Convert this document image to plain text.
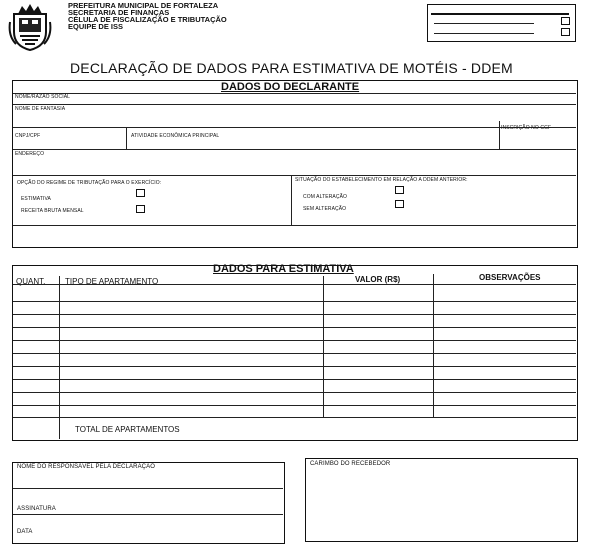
PREFEITURA MUNICIPAL DE FORTALEZA
SECRETARIA DE FINANÇAS
CÉLULA DE FISCALIZAÇÃO E TRIBUTAÇÃO
EQUIPE DE ISS
DECLARAÇÃO DE DADOS PARA ESTIMATIVA DE MOTÉIS - DDEM
DADOS DO DECLARANTE
NOME/RAZÃO SOCIAL
NOME DE FANTASIA
INSCRIÇÃO NO CGF
CNPJ/CPF	ATIVIDADE ECONÔMICA PRINCIPAL
ENDEREÇO
OPÇÃO DO REGIME DE TRIBUTAÇÃO PARA O EXERCÍCIO:
ESTIMATIVA
RECEITA BRUTA MENSAL
SITUAÇÃO DO ESTABELECIMENTO EM RELAÇÃO A DDEM ANTERIOR:
COM ALTERAÇÃO
SEM ALTERAÇÃO
DADOS PARA ESTIMATIVA
QUANT. TIPO DE APARTAMENTO	VALOR (R$)	OBSERVAÇÕES
TOTAL DE APARTAMENTOS
NOME DO RESPONSÁVEL PELA DECLARAÇÃO
ASSINATURA
DATA
CARIMBO DO RECEBEDOR
